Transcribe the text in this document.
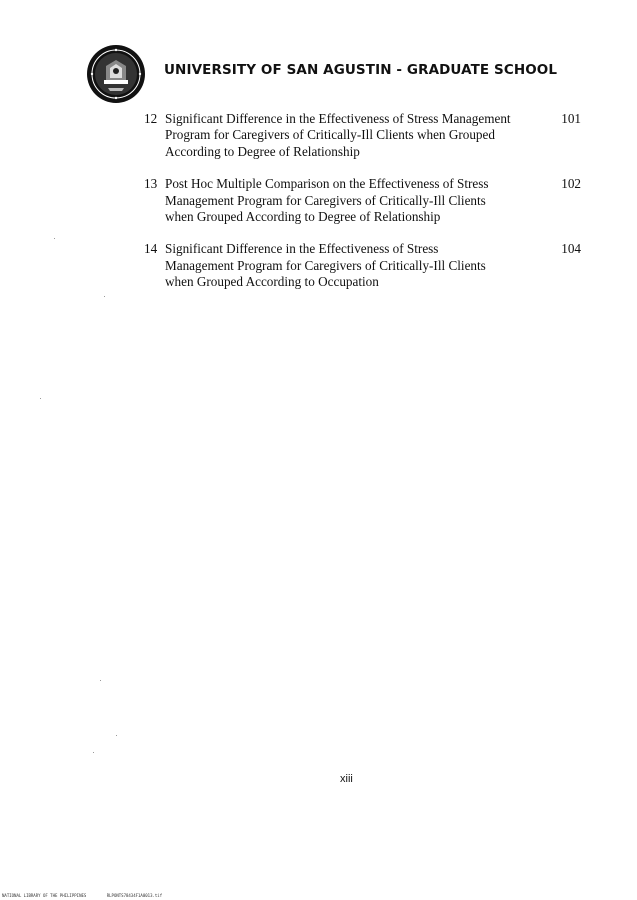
UNIVERSITY OF SAN AGUSTIN - GRADUATE SCHOOL
12 Significant Difference in the Effectiveness of Stress Management
Program for Caregivers of Critically-Ill Clients when Grouped
According to Degree of Relationship
101
13 Post Hoc Multiple Comparison on the Effectiveness of Stress
Management Program for Caregivers of Critically-Ill Clients
when Grouped According to Degree of Relationship
102
14 Significant Difference in the Effectiveness of Stress
Management Program for Caregivers of Critically-Ill Clients
when Grouped According to Occupation
104
xiii
NATIONAL LIBRARY OF THE PHILIPPINES	RLPONTS78434F1A0013.tif
